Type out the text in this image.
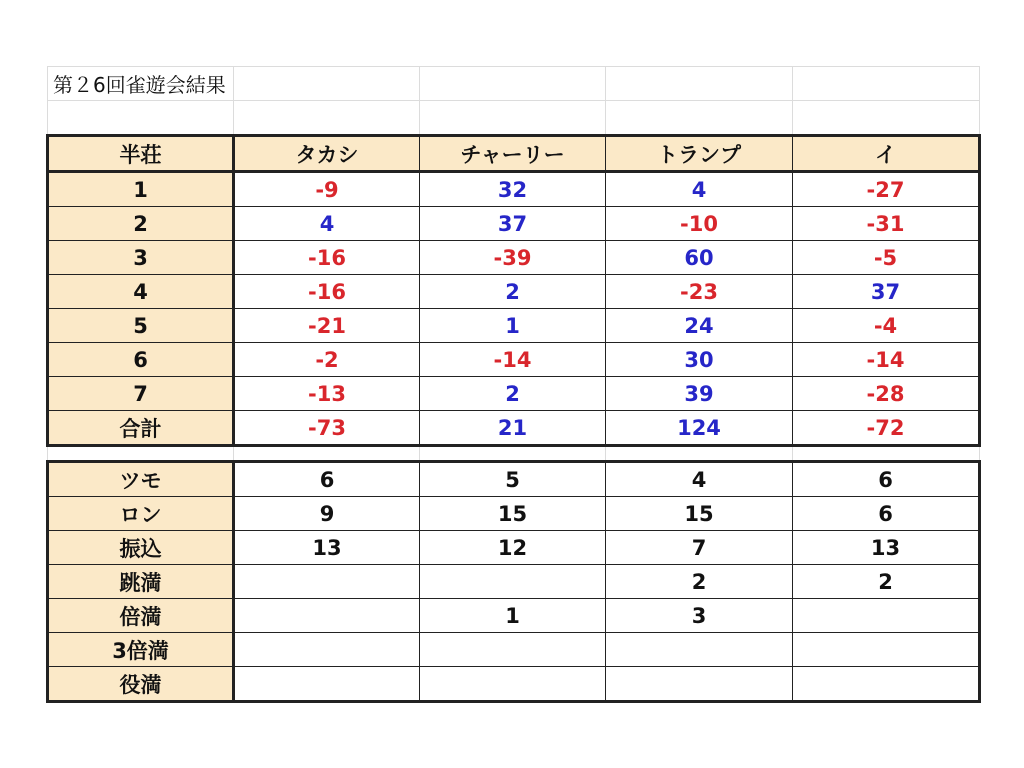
第２6回雀遊会結果				

半荘	タカシ	チャーリー	トランプ	イ
1	-9	32	4	-27
2	4	37	-10	-31
3	-16	-39	60	-5
4	-16	2	-23	37
5	-21	1	24	-4
6	-2	-14	30	-14
7	-13	2	39	-28
合計	-73	21	124	-72

ツモ	6	5	4	6
ロン	9	15	15	6
振込	13	12	7	13
跳満			2	2
倍満		1	3	
3倍満				
役満				
